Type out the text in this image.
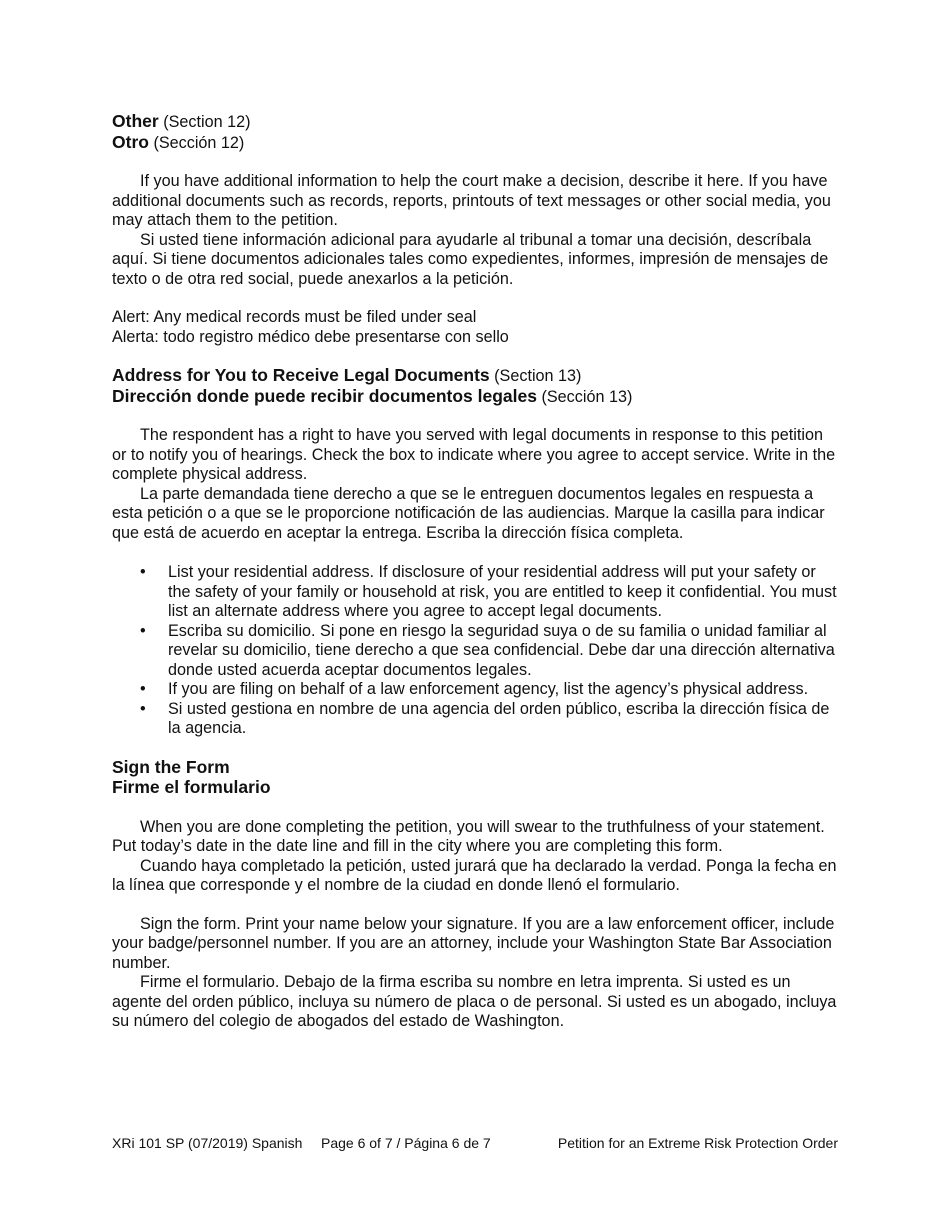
Other (Section 12)
Otro (Sección 12)

If you have additional information to help the court make a decision, describe it here. If you have additional documents such as records, reports, printouts of text messages or other social media, you may attach them to the petition.

Si usted tiene información adicional para ayudarle al tribunal a tomar una decisión, descríbala aquí. Si tiene documentos adicionales tales como expedientes, informes, impresión de mensajes de texto o de otra red social, puede anexarlos a la petición.

Alert: Any medical records must be filed under seal

Alerta: todo registro médico debe presentarse con sello

Address for You to Receive Legal Documents (Section 13)
Dirección donde puede recibir documentos legales (Sección 13)

The respondent has a right to have you served with legal documents in response to this petition or to notify you of hearings. Check the box to indicate where you agree to accept service. Write in the complete physical address.

La parte demandada tiene derecho a que se le entreguen documentos legales en respuesta a esta petición o a que se le proporcione notificación de las audiencias. Marque la casilla para indicar que está de acuerdo en aceptar la entrega. Escriba la dirección física completa.

• List your residential address. If disclosure of your residential address will put your safety or the safety of your family or household at risk, you are entitled to keep it confidential. You must list an alternate address where you agree to accept legal documents.
• Escriba su domicilio. Si pone en riesgo la seguridad suya o de su familia o unidad familiar al revelar su domicilio, tiene derecho a que sea confidencial. Debe dar una dirección alternativa donde usted acuerda aceptar documentos legales.
• If you are filing on behalf of a law enforcement agency, list the agency’s physical address.
• Si usted gestiona en nombre de una agencia del orden público, escriba la dirección física de la agencia.
Sign the Form
Firme el formulario

When you are done completing the petition, you will swear to the truthfulness of your statement. Put today’s date in the date line and fill in the city where you are completing this form.

Cuando haya completado la petición, usted jurará que ha declarado la verdad. Ponga la fecha en la línea que corresponde y el nombre de la ciudad en donde llenó el formulario.

Sign the form. Print your name below your signature. If you are a law enforcement officer, include your badge/personnel number. If you are an attorney, include your Washington State Bar Association number.

Firme el formulario. Debajo de la firma escriba su nombre en letra imprenta. Si usted es un agente del orden público, incluya su número de placa o de personal. Si usted es un abogado, incluya su número del colegio de abogados del estado de Washington.

XRi 101 SP (07/2019) Spanish Page 6 of 7 / Página 6 de 7	Petition for an Extreme Risk Protection Order
